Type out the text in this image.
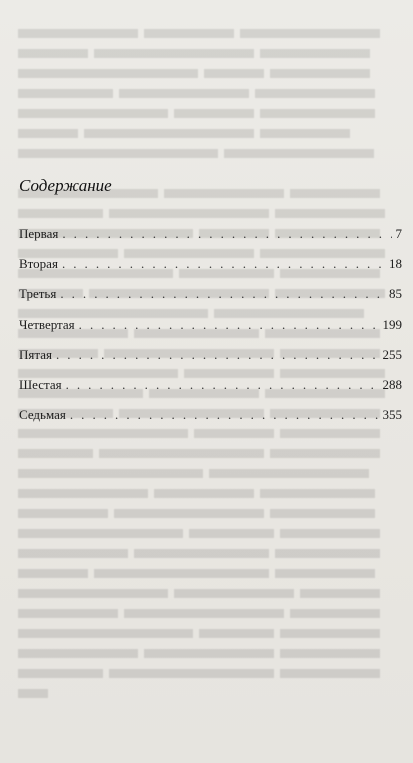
Содержание
Первая . . .	7
Вторая . . .	18
Третья . . .	85
Четвертая . . .	199
Пятая . . .	255
Шестая . . .	288
Седьмая . . .	355
